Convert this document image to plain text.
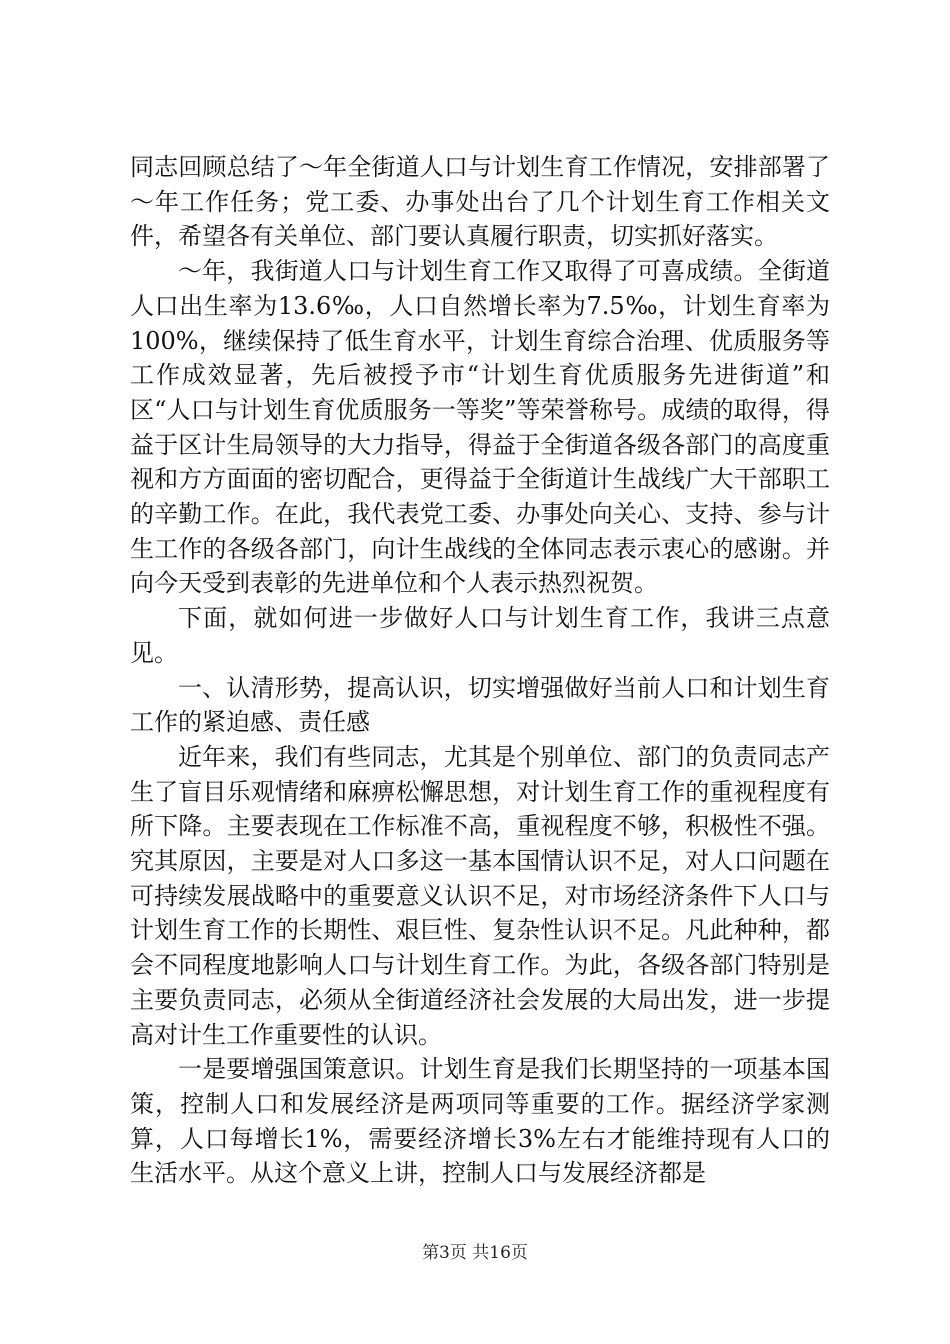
同志回顾总结了～年全街道人口与计划生育工作情况，安排部署了～年工作任务；党工委、办事处出台了几个计划生育工作相关文件，希望各有关单位、部门要认真履行职责，切实抓好落实。

～年，我街道人口与计划生育工作又取得了可喜成绩。全街道人口出生率为13.6‰，人口自然增长率为7.5‰，计划生育率为100%，继续保持了低生育水平，计划生育综合治理、优质服务等工作成效显著，先后被授予市“计划生育优质服务先进街道”和区“人口与计划生育优质服务一等奖”等荣誉称号。成绩的取得，得益于区计生局领导的大力指导，得益于全街道各级各部门的高度重视和方方面面的密切配合，更得益于全街道计生战线广大干部职工的辛勤工作。在此，我代表党工委、办事处向关心、支持、参与计生工作的各级各部门，向计生战线的全体同志表示衷心的感谢。并向今天受到表彰的先进单位和个人表示热烈祝贺。

下面，就如何进一步做好人口与计划生育工作，我讲三点意见。

一、认清形势，提高认识，切实增强做好当前人口和计划生育工作的紧迫感、责任感

近年来，我们有些同志，尤其是个别单位、部门的负责同志产生了盲目乐观情绪和麻痹松懈思想，对计划生育工作的重视程度有所下降。主要表现在工作标准不高，重视程度不够，积极性不强。究其原因，主要是对人口多这一基本国情认识不足，对人口问题在可持续发展战略中的重要意义认识不足，对市场经济条件下人口与计划生育工作的长期性、艰巨性、复杂性认识不足。凡此种种，都会不同程度地影响人口与计划生育工作。为此，各级各部门特别是主要负责同志，必须从全街道经济社会发展的大局出发，进一步提高对计生工作重要性的认识。

一是要增强国策意识。计划生育是我们长期坚持的一项基本国策，控制人口和发展经济是两项同等重要的工作。据经济学家测算，人口每增长1%，需要经济增长3%左右才能维持现有人口的生活水平。从这个意义上讲，控制人口与发展经济都是

第3页 共16页
